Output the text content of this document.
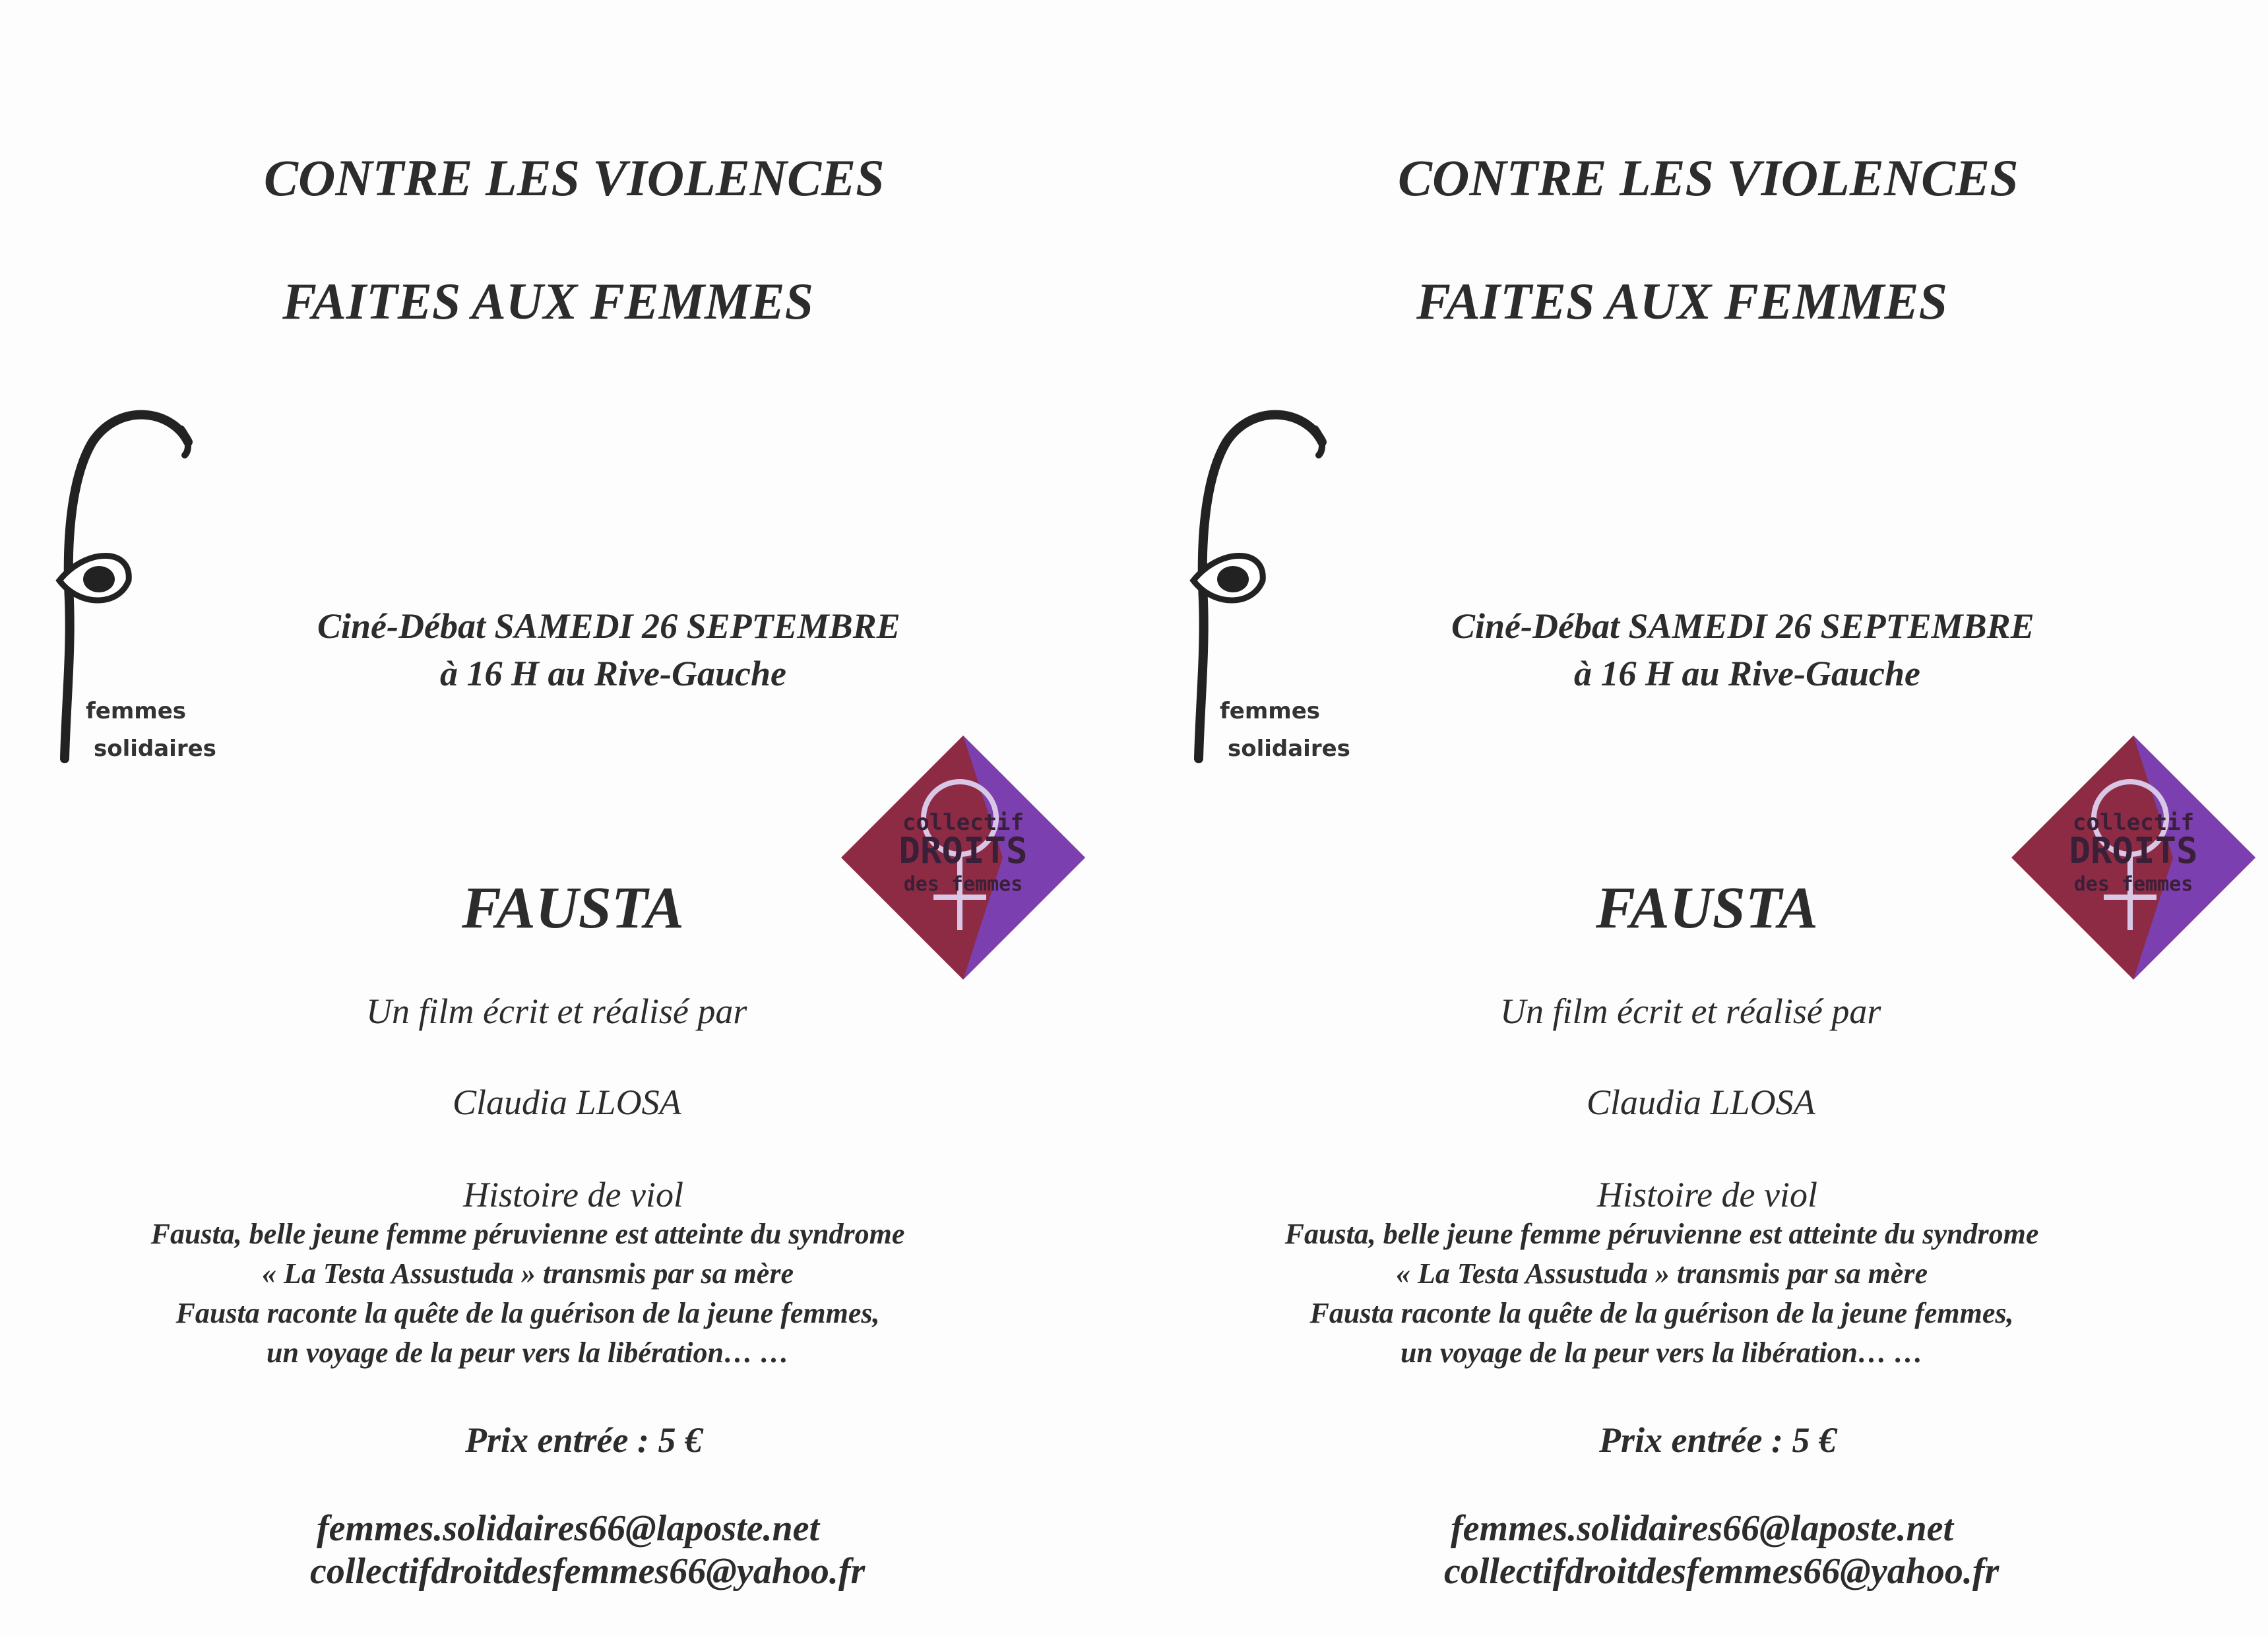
CONTRE LES VIOLENCES
FAITES AUX FEMMES
femmes
solidaires
Ciné-Débat SAMEDI 26 SEPTEMBRE
à 16 H au Rive-Gauche
collectif
DROITS
des femmes
FAUSTA
Un film écrit et réalisé par
Claudia LLOSA
Histoire de viol
Fausta, belle jeune femme péruvienne est atteinte du syndrome
« La Testa Assustuda » transmis par sa mère
Fausta raconte la quête de la guérison de la jeune femmes,
un voyage de la peur vers la libération… …
Prix entrée : 5 €
femmes.solidaires66@laposte.net
collectifdroitdesfemmes66@yahoo.fr
CONTRE LES VIOLENCES
FAITES AUX FEMMES
femmes
solidaires
Ciné-Débat SAMEDI 26 SEPTEMBRE
à 16 H au Rive-Gauche
collectif
DROITS
des femmes
FAUSTA
Un film écrit et réalisé par
Claudia LLOSA
Histoire de viol
Fausta, belle jeune femme péruvienne est atteinte du syndrome
« La Testa Assustuda » transmis par sa mère
Fausta raconte la quête de la guérison de la jeune femmes,
un voyage de la peur vers la libération… …
Prix entrée : 5 €
femmes.solidaires66@laposte.net
collectifdroitdesfemmes66@yahoo.fr
